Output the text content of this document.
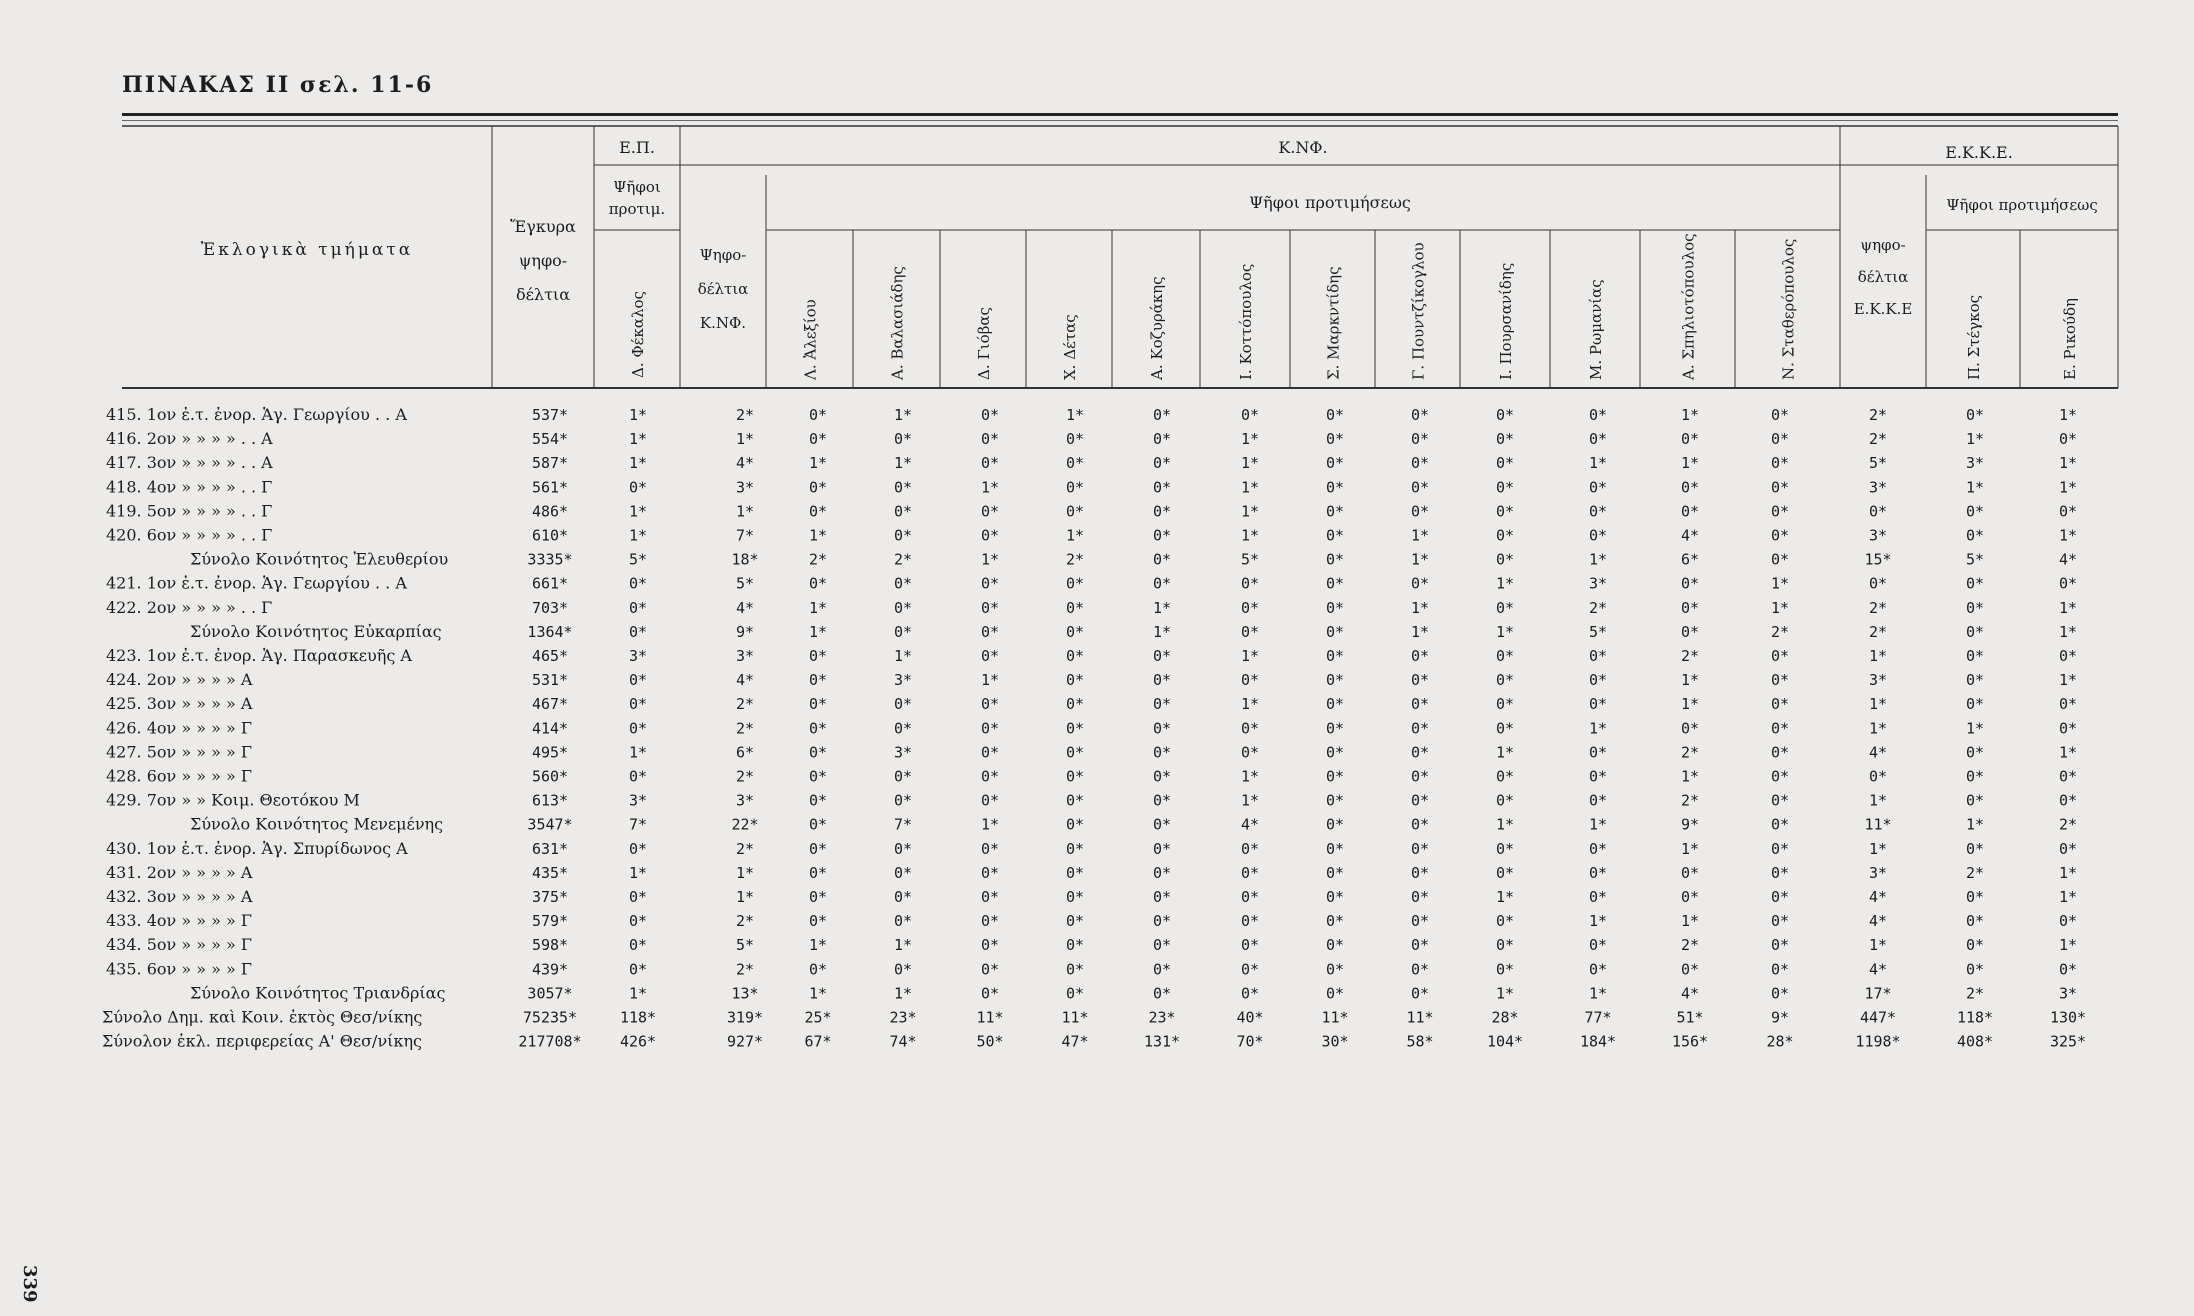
ΠΙΝΑΚΑΣ ΙΙ σελ. 11-6
339
Ἐκλογικὰ τμήματα
Ἔγκυρα
ψηφο-
δέλτια
Ε.Π.
Ψῆφοι
προτιμ.
Δ. Φέκαλος
Κ.ΝΦ.
Ψηφο-
δέλτια
Κ.ΝΦ.
Ψῆφοι προτιμήσεως
Λ. Ἀλεξίου	Α. Βαλασιάδης	Δ. Γιόβας	Χ. Δέτας	Α. Κοζυράκης	Ι. Κοττόπουλος	Σ. Μαρκντίδης	Γ. Πουντζίκογλου	Ι. Πουρσανίδης	Μ. Ρωμανίας	Α. Σπηλιοτόπουλος	Ν. Σταθερόπουλος
Ε.Κ.Κ.Ε.
ψηφο-
δέλτια
Ε.Κ.Κ.Ε
Ψῆφοι προτιμήσεως
Π. Στέγκος	Ε. Ρικούδη
415. 1ον ἐ.τ. ἐνορ. Ἁγ. Γεωργίου . . Α	537*	1*	2*	0*	1*	0*	1*	0*	0*	0*	0*	0*	0*	1*	0*	2*	0*	1*
416. 2ον » » » » . . Α	554*	1*	1*	0*	0*	0*	0*	0*	1*	0*	0*	0*	0*	0*	0*	2*	1*	0*
417. 3ον » » » » . . Α	587*	1*	4*	1*	1*	0*	0*	0*	1*	0*	0*	0*	1*	1*	0*	5*	3*	1*
418. 4ον » » » » . . Γ	561*	0*	3*	0*	0*	1*	0*	0*	1*	0*	0*	0*	0*	0*	0*	3*	1*	1*
419. 5ον » » » » . . Γ	486*	1*	1*	0*	0*	0*	0*	0*	1*	0*	0*	0*	0*	0*	0*	0*	0*	0*
420. 6ον » » » » . . Γ	610*	1*	7*	1*	0*	0*	1*	0*	1*	0*	1*	0*	0*	4*	0*	3*	0*	1*
Σύνολο Κοινότητος Ἐλευθερίου	3335*	5*	18*	2*	2*	1*	2*	0*	5*	0*	1*	0*	1*	6*	0*	15*	5*	4*
421. 1ον ἐ.τ. ἐνορ. Ἁγ. Γεωργίου . . Α	661*	0*	5*	0*	0*	0*	0*	0*	0*	0*	0*	1*	3*	0*	1*	0*	0*	0*
422. 2ον » » » » . . Γ	703*	0*	4*	1*	0*	0*	0*	1*	0*	0*	1*	0*	2*	0*	1*	2*	0*	1*
Σύνολο Κοινότητος Εὐκαρπίας	1364*	0*	9*	1*	0*	0*	0*	1*	0*	0*	1*	1*	5*	0*	2*	2*	0*	1*
423. 1ον ἐ.τ. ἐνορ. Ἁγ. Παρασκευῆς Α	465*	3*	3*	0*	1*	0*	0*	0*	1*	0*	0*	0*	0*	2*	0*	1*	0*	0*
424. 2ον » » » » Α	531*	0*	4*	0*	3*	1*	0*	0*	0*	0*	0*	0*	0*	1*	0*	3*	0*	1*
425. 3ον » » » » Α	467*	0*	2*	0*	0*	0*	0*	0*	1*	0*	0*	0*	0*	1*	0*	1*	0*	0*
426. 4ον » » » » Γ	414*	0*	2*	0*	0*	0*	0*	0*	0*	0*	0*	0*	1*	0*	0*	1*	1*	0*
427. 5ον » » » » Γ	495*	1*	6*	0*	3*	0*	0*	0*	0*	0*	0*	1*	0*	2*	0*	4*	0*	1*
428. 6ον » » » » Γ	560*	0*	2*	0*	0*	0*	0*	0*	1*	0*	0*	0*	0*	1*	0*	0*	0*	0*
429. 7ον » » Κοιμ. Θεοτόκου Μ	613*	3*	3*	0*	0*	0*	0*	0*	1*	0*	0*	0*	0*	2*	0*	1*	0*	0*
Σύνολο Κοινότητος Μενεμένης	3547*	7*	22*	0*	7*	1*	0*	0*	4*	0*	0*	1*	1*	9*	0*	11*	1*	2*
430. 1ον ἐ.τ. ἐνορ. Ἁγ. Σπυρίδωνος Α	631*	0*	2*	0*	0*	0*	0*	0*	0*	0*	0*	0*	0*	1*	0*	1*	0*	0*
431. 2ον » » » » Α	435*	1*	1*	0*	0*	0*	0*	0*	0*	0*	0*	0*	0*	0*	0*	3*	2*	1*
432. 3ον » » » » Α	375*	0*	1*	0*	0*	0*	0*	0*	0*	0*	0*	1*	0*	0*	0*	4*	0*	1*
433. 4ον » » » » Γ	579*	0*	2*	0*	0*	0*	0*	0*	0*	0*	0*	0*	1*	1*	0*	4*	0*	0*
434. 5ον » » » » Γ	598*	0*	5*	1*	1*	0*	0*	0*	0*	0*	0*	0*	0*	2*	0*	1*	0*	1*
435. 6ον » » » » Γ	439*	0*	2*	0*	0*	0*	0*	0*	0*	0*	0*	0*	0*	0*	0*	4*	0*	0*
Σύνολο Κοινότητος Τριανδρίας	3057*	1*	13*	1*	1*	0*	0*	0*	0*	0*	0*	1*	1*	4*	0*	17*	2*	3*
Σύνολο Δημ. καὶ Κοιν. ἐκτὸς Θεσ/νίκης	75235*	118*	319*	25*	23*	11*	11*	23*	40*	11*	11*	28*	77*	51*	9*	447*	118*	130*
Σύνολον ἐκλ. περιφερείας Α' Θεσ/νίκης	217708*	426*	927*	67*	74*	50*	47*	131*	70*	30*	58*	104*	184*	156*	28*	1198*	408*	325*
